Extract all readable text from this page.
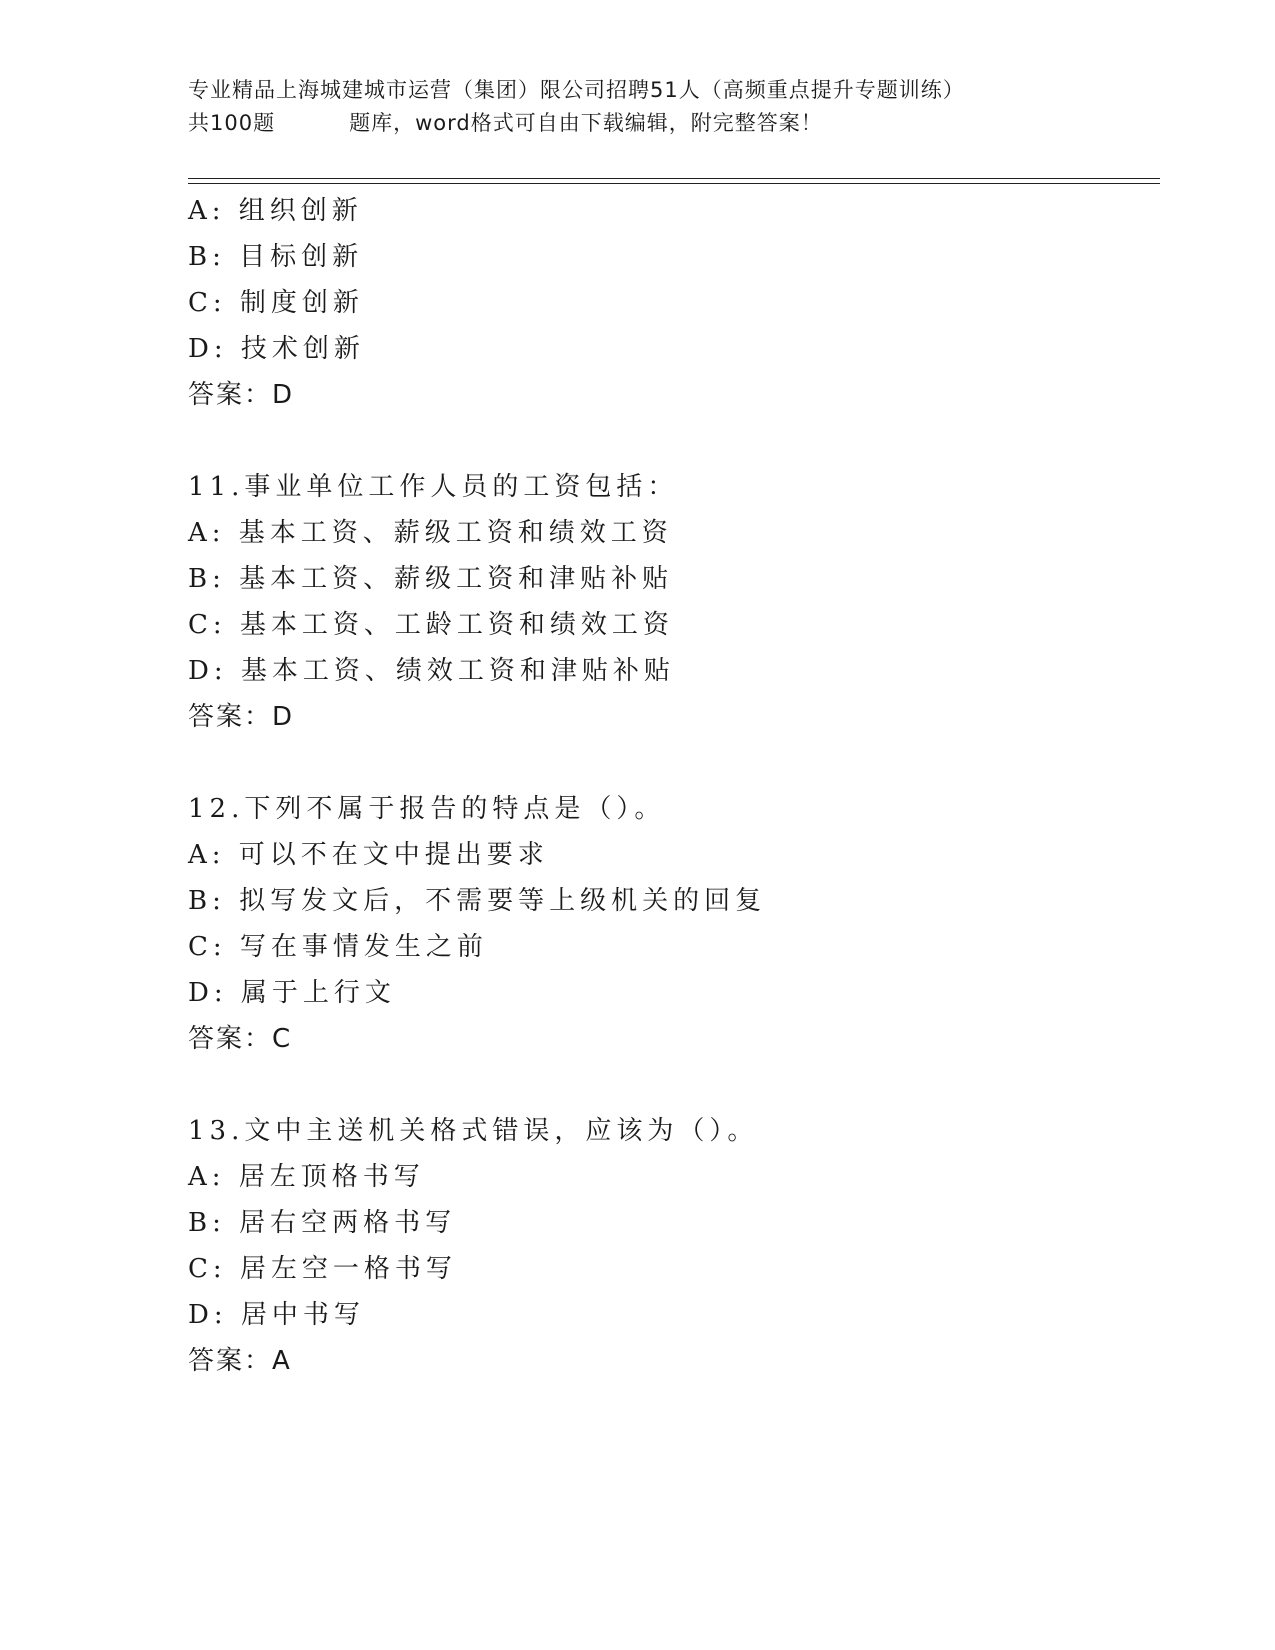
专业精品上海城建城市运营（集团）限公司招聘51人（高频重点提升专题训练）
共100题	题库，word格式可自由下载编辑，附完整答案！
A: 组织创新
B: 目标创新
C: 制度创新
D: 技术创新
答案：D
11.事业单位工作人员的工资包括：
A: 基本工资、薪级工资和绩效工资
B: 基本工资、薪级工资和津贴补贴
C: 基本工资、工龄工资和绩效工资
D: 基本工资、绩效工资和津贴补贴
答案：D
12.下列不属于报告的特点是（）。
A: 可以不在文中提出要求
B: 拟写发文后，不需要等上级机关的回复
C: 写在事情发生之前
D: 属于上行文
答案：C
13.文中主送机关格式错误，应该为（）。
A: 居左顶格书写
B: 居右空两格书写
C: 居左空一格书写
D: 居中书写
答案：A
